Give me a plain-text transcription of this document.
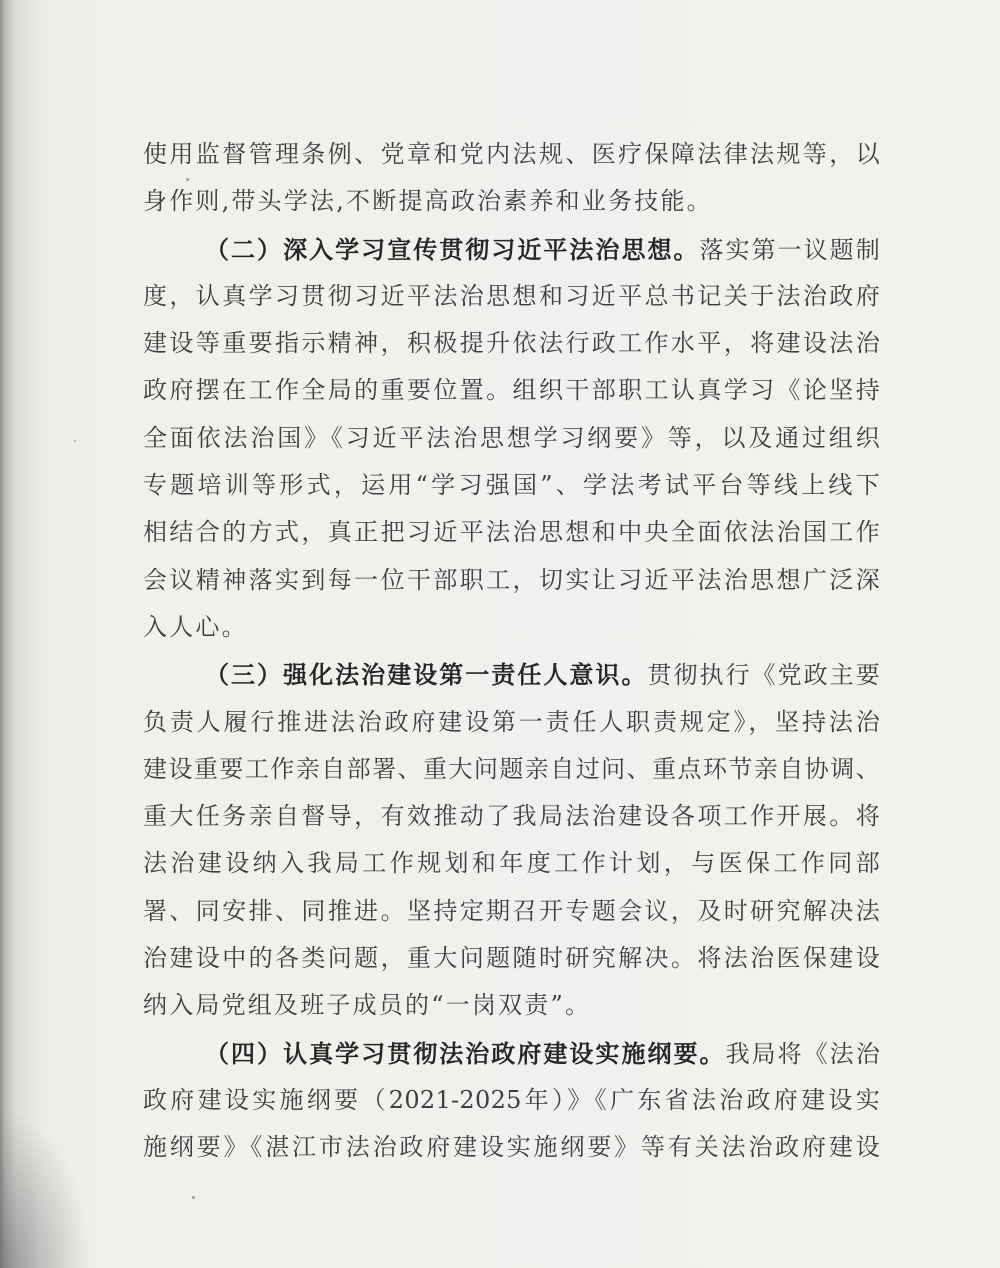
使用监督管理条例、党章和党内法规、医疗保障法律法规等，以
身作则,带头学法,不断提高政治素养和业务技能。
（二）深入学习宣传贯彻习近平法治思想。落实第一议题制
度，认真学习贯彻习近平法治思想和习近平总书记关于法治政府
建设等重要指示精神，积极提升依法行政工作水平，将建设法治
政府摆在工作全局的重要位置。组织干部职工认真学习《论坚持
全面依法治国》《习近平法治思想学习纲要》等，以及通过组织
专题培训等形式，运用“学习强国”、学法考试平台等线上线下
相结合的方式，真正把习近平法治思想和中央全面依法治国工作
会议精神落实到每一位干部职工，切实让习近平法治思想广泛深
入人心。
（三）强化法治建设第一责任人意识。贯彻执行《党政主要
负责人履行推进法治政府建设第一责任人职责规定》，坚持法治
建设重要工作亲自部署、重大问题亲自过问、重点环节亲自协调、
重大任务亲自督导，有效推动了我局法治建设各项工作开展。将
法治建设纳入我局工作规划和年度工作计划，与医保工作同部
署、同安排、同推进。坚持定期召开专题会议，及时研究解决法
治建设中的各类问题，重大问题随时研究解决。将法治医保建设
纳入局党组及班子成员的“一岗双责”。
（四）认真学习贯彻法治政府建设实施纲要。我局将《法治
政府建设实施纲要（2021-2025年）》《广东省法治政府建设实
施纲要》《湛江市法治政府建设实施纲要》等有关法治政府建设
